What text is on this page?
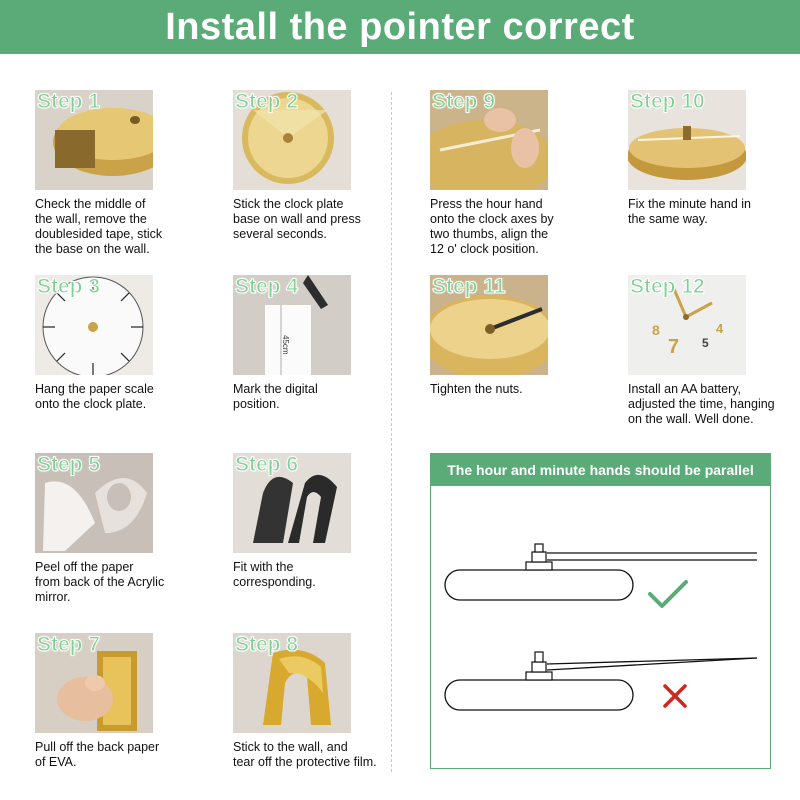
Install the pointer correct
Step 1
Check the middle of
the wall, remove the
doublesided tape, stick
the base on the wall.
Step 2
Stick the clock plate
base on wall and press
several seconds.
Step 9
Press the hour hand
onto the clock axes by
two thumbs, align the
12 o' clock position.
Step 10
Fix the minute hand in
the same way.
Step 3
Hang the paper scale
onto the clock plate.
45cm
Step 4
Mark the digital
position.
Step 11
Tighten the nuts.
8
7 5
4
Step 12
Install an AA battery,
adjusted the time, hanging
on the wall. Well done.
Step 5
Peel off the paper
from back of the Acrylic
mirror.
Step 6
Fit with the
corresponding.
Step 7
Pull off the back paper
of EVA.
Step 8
Stick to the wall, and
tear off the protective film.
The hour and minute hands should be parallel
